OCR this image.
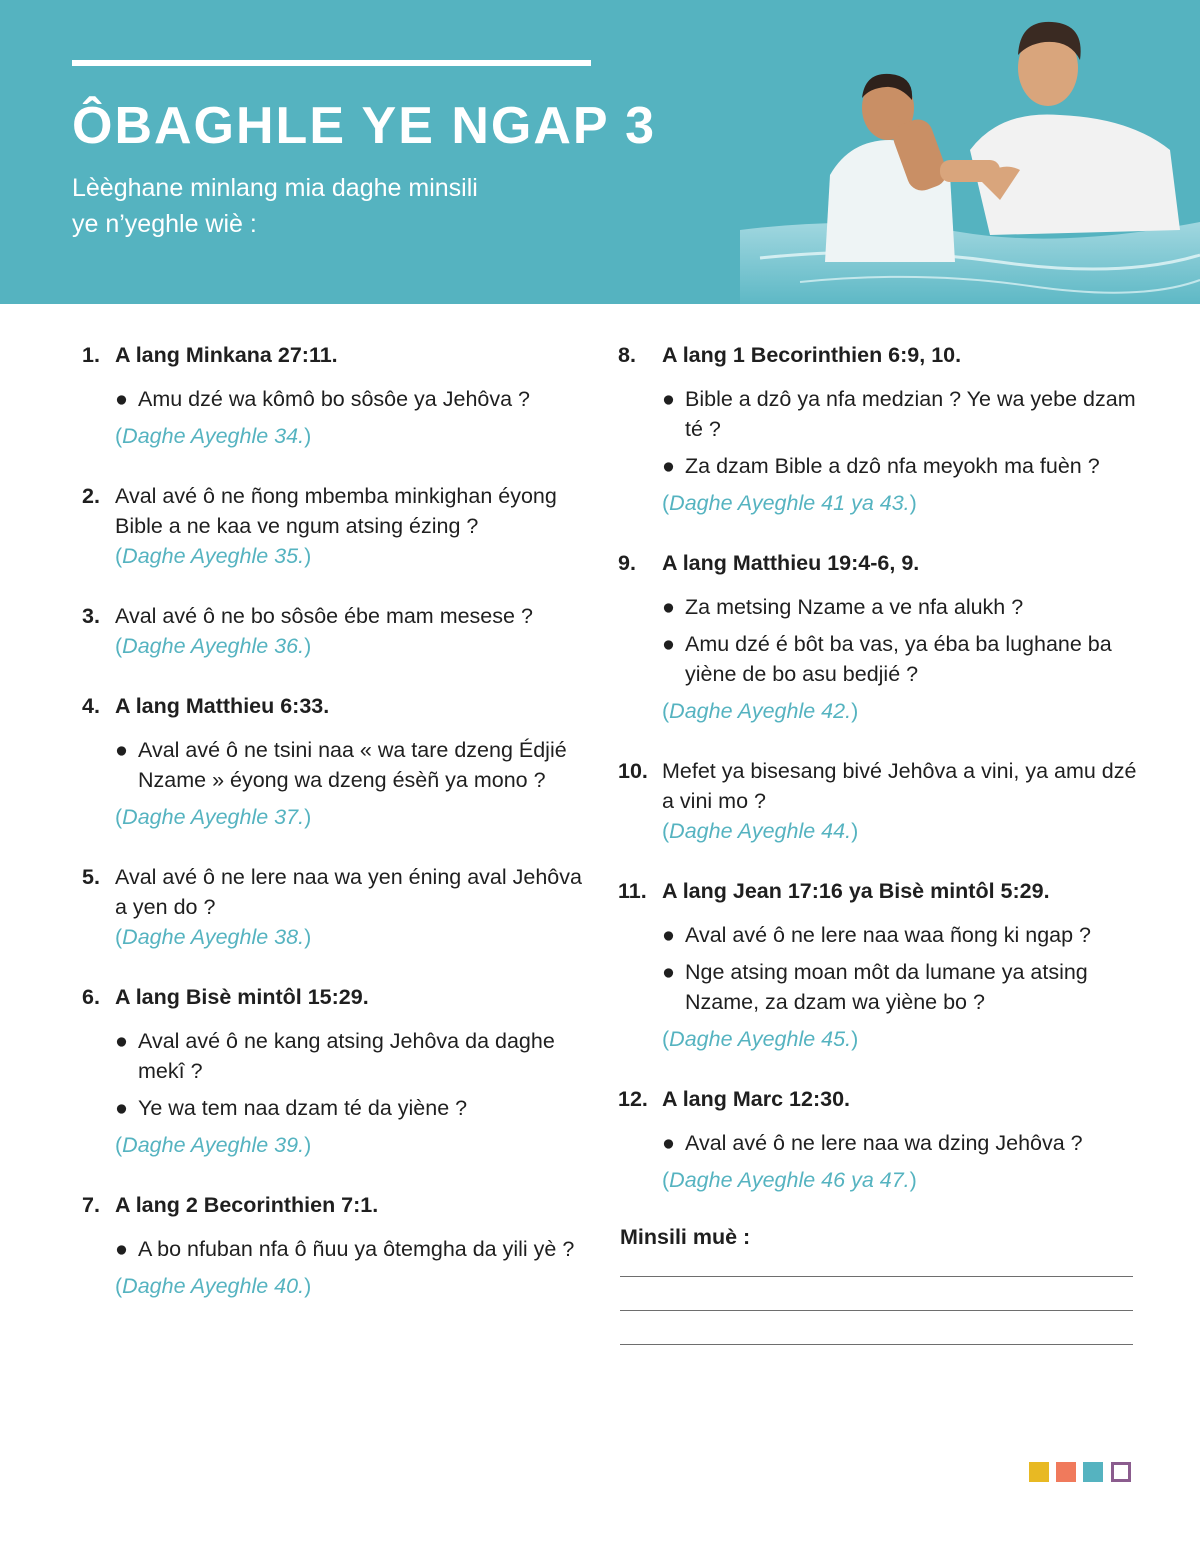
ÔBAGHLE YE NGAP 3

Lèèghane minlang mia daghe minsili ye n’yeghle wiè :

1. A lang Minkana 27:11.

● Amu dzé wa kômô bo sôsôe ya Jehôva ?

(Daghe Ayeghle 34.)

2. Aval avé ô ne ñong mbemba minkighan éyong Bible a ne kaa ve ngum atsing ézing ?

(Daghe Ayeghle 35.)

3. Aval avé ô ne bo sôsôe ébe mam mesese ?

(Daghe Ayeghle 36.)

4. A lang Matthieu 6:33.

● Aval avé ô ne tsini naa « wa tare dzeng Édjié Nzame » éyong wa dzeng ésèñ ya mono ?

(Daghe Ayeghle 37.)

5. Aval avé ô ne lere naa wa yen éning aval Jehôva a yen do ?

(Daghe Ayeghle 38.)

6. A lang Bisè mintôl 15:29.

● Aval avé ô ne kang atsing Jehôva da daghe mekî ?
● Ye wa tem naa dzam té da yiène ?

(Daghe Ayeghle 39.)

7. A lang 2 Becorinthien 7:1.

● A bo nfuban nfa ô ñuu ya ôtemgha da yili yè ?

(Daghe Ayeghle 40.)

8. A lang 1 Becorinthien 6:9, 10.

● Bible a dzô ya nfa medzian ? Ye wa yebe dzam té ?
● Za dzam Bible a dzô nfa meyokh ma fuèn ?

(Daghe Ayeghle 41 ya 43.)

9. A lang Matthieu 19:4-6, 9.

● Za metsing Nzame a ve nfa alukh ?
● Amu dzé é bôt ba vas, ya éba ba lughane ba yiène de bo asu bedjié ?

(Daghe Ayeghle 42.)

10. Mefet ya bisesang bivé Jehôva a vini, ya amu dzé a vini mo ?

(Daghe Ayeghle 44.)

11. A lang Jean 17:16 ya Bisè mintôl 5:29.

● Aval avé ô ne lere naa waa ñong ki ngap ?
● Nge atsing moan môt da lumane ya atsing Nzame, za dzam wa yiène bo ?

(Daghe Ayeghle 45.)

12. A lang Marc 12:30.

● Aval avé ô ne lere naa wa dzing Jehôva ?

(Daghe Ayeghle 46 ya 47.)

Minsili muè :
